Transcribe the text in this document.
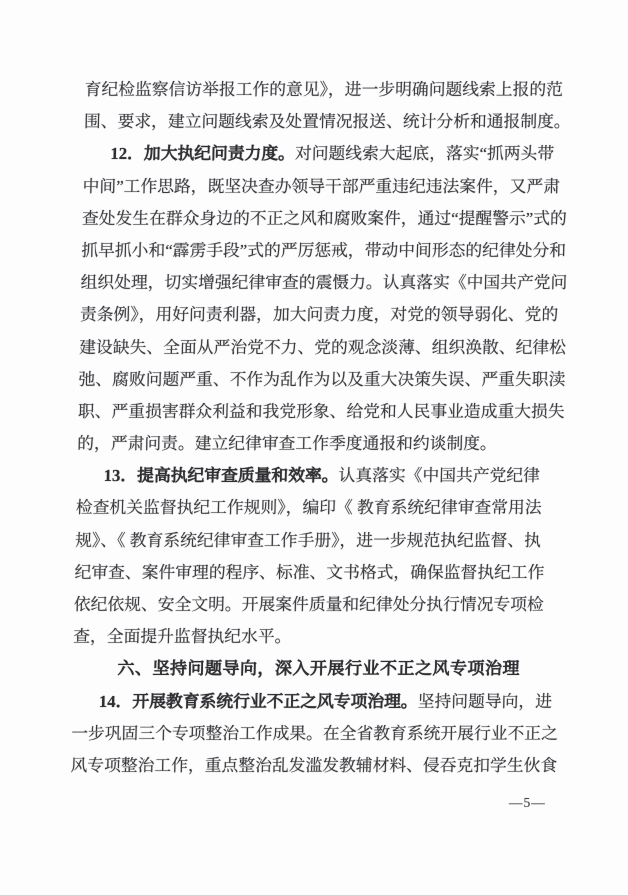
育纪检监察信访举报工作的意见》，进一步明确问题线索上报的范
围、要求，建立问题线索及处置情况报送、统计分析和通报制度。
12．加大执纪问责力度。对问题线索大起底，落实“抓两头带
中间”工作思路，既坚决查办领导干部严重违纪违法案件，又严肃
查处发生在群众身边的不正之风和腐败案件，通过“提醒警示”式的
抓早抓小和“霹雳手段”式的严厉惩戒，带动中间形态的纪律处分和
组织处理，切实增强纪律审查的震慑力。认真落实《中国共产党问
责条例》，用好问责利器，加大问责力度，对党的领导弱化、党的
建设缺失、全面从严治党不力、党的观念淡薄、组织涣散、纪律松
弛、腐败问题严重、不作为乱作为以及重大决策失误、严重失职渎
职、严重损害群众利益和我党形象、给党和人民事业造成重大损失
的，严肃问责。建立纪律审查工作季度通报和约谈制度。
13．提高执纪审查质量和效率。认真落实《中国共产党纪律
检查机关监督执纪工作规则》，编印《 教育系统纪律审查常用法
规》、《 教育系统纪律审查工作手册》，进一步规范执纪监督、执
纪审查、案件审理的程序、标准、文书格式，确保监督执纪工作
依纪依规、安全文明。开展案件质量和纪律处分执行情况专项检
查，全面提升监督执纪水平。
六、坚持问题导向，深入开展行业不正之风专项治理
14．开展教育系统行业不正之风专项治理。坚持问题导向，进
一步巩固三个专项整治工作成果。在全省教育系统开展行业不正之
风专项整治工作，重点整治乱发滥发教辅材料、侵吞克扣学生伙食
—5—
